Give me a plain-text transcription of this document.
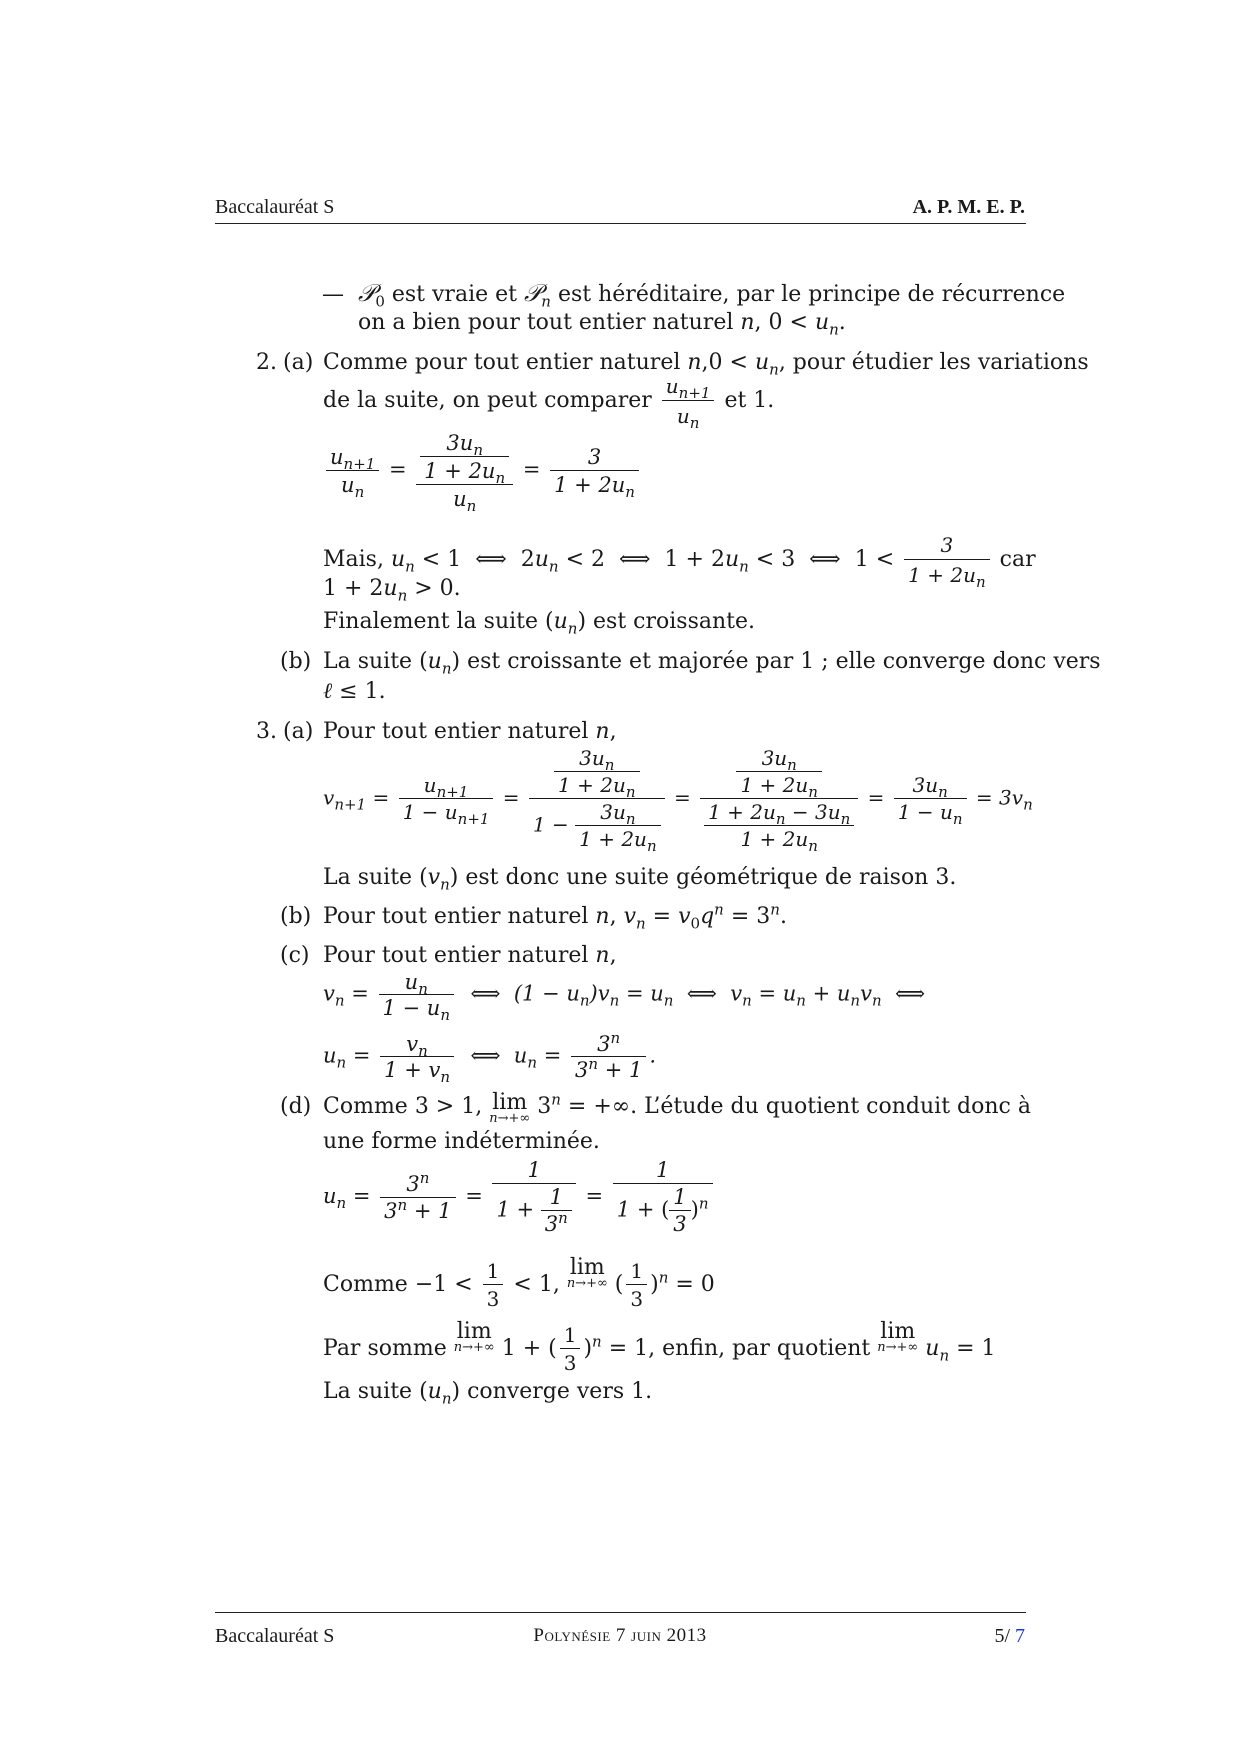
Baccalauréat S	A. P. M. E. P.
—  𝒫$_0$ est vraie et 𝒫$_n$ est héréditaire, par le principe de récurrence
on a bien pour tout entier naturel n, $0 < u_n$.
2. (a) Comme pour tout entier naturel $n,0 < u_n$, pour étudier les variations
de la suite, on peut comparer $\frac{u_{n+1}}{u_n}$ et 1.
$\frac{u_{n+1}}{u_n} = \frac{\frac{3u_n}{1 + 2u_n}}{u_n} = \frac{3}{1 + 2u_n}$
Mais, $u_n < 1$  ⟺  $2u_n < 2$  ⟺  $1 + 2u_n < 3$  ⟺  $1 < \frac{3}{1 + 2u_n}$ car
$1 + 2u_n > 0$.
Finalement la suite $(u_n)$ est croissante.
(b) La suite $(u_n)$ est croissante et majorée par 1 ; elle converge donc vers
ℓ ≤ 1.
3. (a) Pour tout entier naturel n,
$v_{n+1} = \frac{u_{n+1}}{1 - u_{n+1}} = \frac{\frac{3u_n}{1 + 2u_n}}{1 - \frac{3u_n}{1 + 2u_n}} = \frac{\frac{3u_n}{1 + 2u_n}}{\frac{1 + 2u_n - 3u_n}{1 + 2u_n}} = \frac{3u_n}{1 - u_n} = 3v_n$
La suite $(v_n)$ est donc une suite géométrique de raison 3.
(b) Pour tout entier naturel n, $v_n = v_0q^n = 3^n$.
(c) Pour tout entier naturel n,
$v_n = \frac{u_n}{1 - u_n}$ ⟺  $(1 - u_n)v_n = u_n$  ⟺  $v_n = u_n + u_nv_n$  ⟺
$u_n = \frac{v_n}{1 + v_n}$ ⟺  $u_n = \frac{3^n}{3^n + 1}$ .
(d) Comme 3 > 1, lim
n→+∞ $3^n$ = +∞. L’étude du quotient conduit donc à
une forme indéterminée.
$u_n = \frac{3^n}{3^n + 1} = \frac{1}{1 + \frac{1}{3^n}} = \frac{1}{1 + ( \frac{1}{3} )^n}$
Comme $-1 < \frac{1}{3} < 1$, lim
n→+∞ ( $\frac{1}{3} )^n = 0$
Par somme lim
n→+∞ 1 + ( $\frac{1}{3} )^n = 1$, enfin, par quotient lim
n→+∞ $u_n = 1$
La suite $(u_n)$ converge vers 1.
Baccalauréat S	Polynésie 7 juin 2013	5/ 7
